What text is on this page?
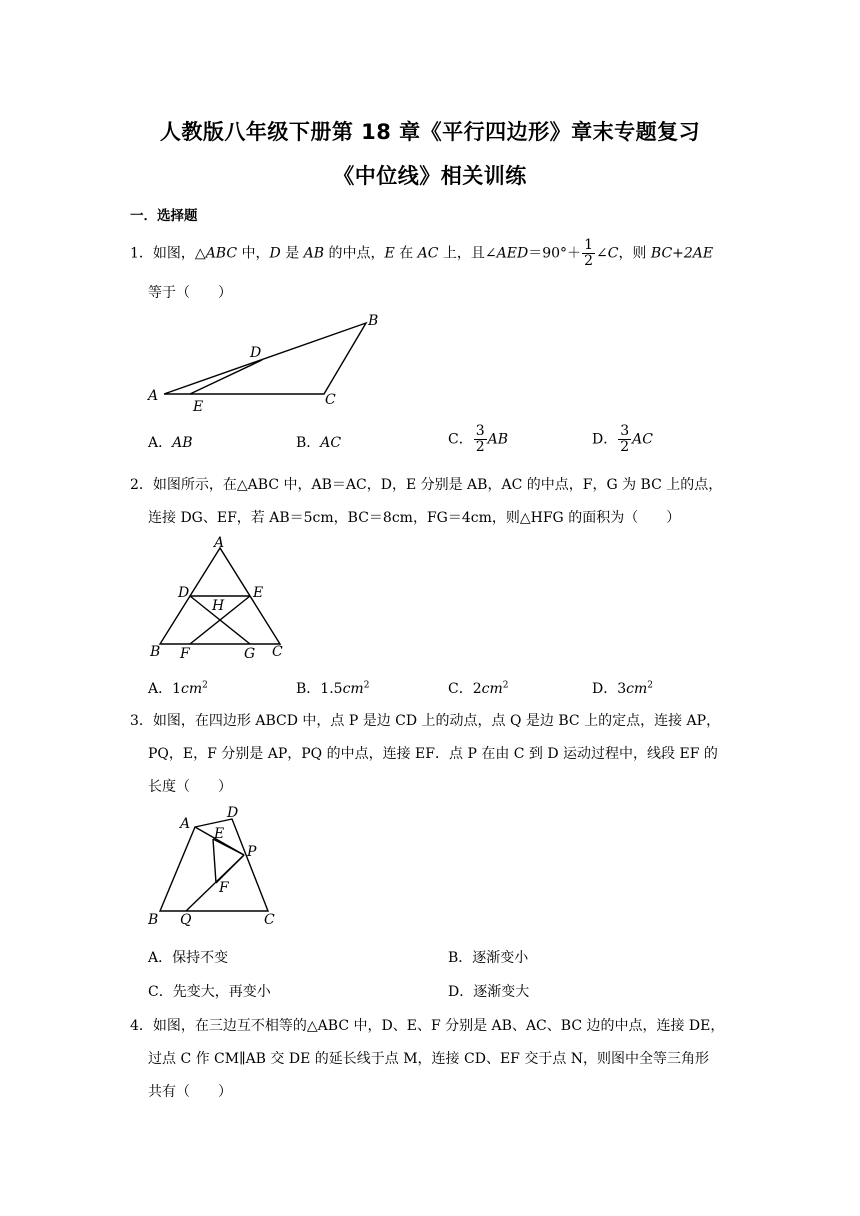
人教版八年级下册第 18 章《平行四边形》章末专题复习
《中位线》相关训练
一．选择题
1．如图，△ABC 中，D 是 AB 的中点，E 在 AC 上，且∠AED＝90°＋ $\frac{1}{2}$ ∠C，则 BC+2AE
等于（　　）
A
B
C
D
E
A．AB	B．AC	C． $\frac{3}{2}$ AB	D． $\frac{3}{2}$ AC
2．如图所示，在△ABC 中，AB＝AC，D，E 分别是 AB，AC 的中点，F，G 为 BC 上的点，
连接 DG、EF，若 AB＝5cm，BC＝8cm，FG＝4cm，则△HFG 的面积为（　　）
A
D	E
H
B F	G C
A．$1cm^2$	B．$1.5cm^2$	C．$2cm^2$	D．$3cm^2$
3．如图，在四边形 ABCD 中，点 P 是边 CD 上的动点，点 Q 是边 BC 上的定点，连接 AP，
PQ，E，F 分别是 AP，PQ 的中点，连接 EF．点 P 在由 C 到 D 运动过程中，线段 EF 的
长度（　　）
A
D
E
P
F
B Q	C
A．保持不变	B．逐渐变小
C．先变大，再变小	D．逐渐变大
4．如图，在三边互不相等的△ABC 中，D、E、F 分别是 AB、AC、BC 边的中点，连接 DE，
过点 C 作 CM∥AB 交 DE 的延长线于点 M，连接 CD、EF 交于点 N，则图中全等三角形
共有（　　）
